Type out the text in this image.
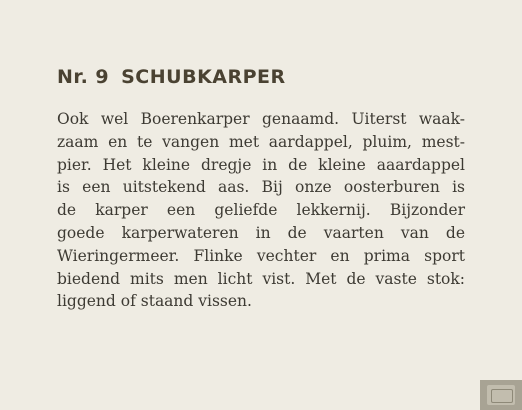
Nr. 9 SCHUBKARPER
Ook wel Boerenkarper genaamd. Uiterst waak-
zaam en te vangen met aardappel, pluim, mest-
pier. Het kleine dregje in de kleine aaardappel
is een uitstekend aas. Bij onze oosterburen is
de karper een geliefde lekkernij. Bijzonder
goede karperwateren in de vaarten van de
Wieringermeer. Flinke vechter en prima sport
biedend mits men licht vist. Met de vaste stok:
liggend of staand vissen.
